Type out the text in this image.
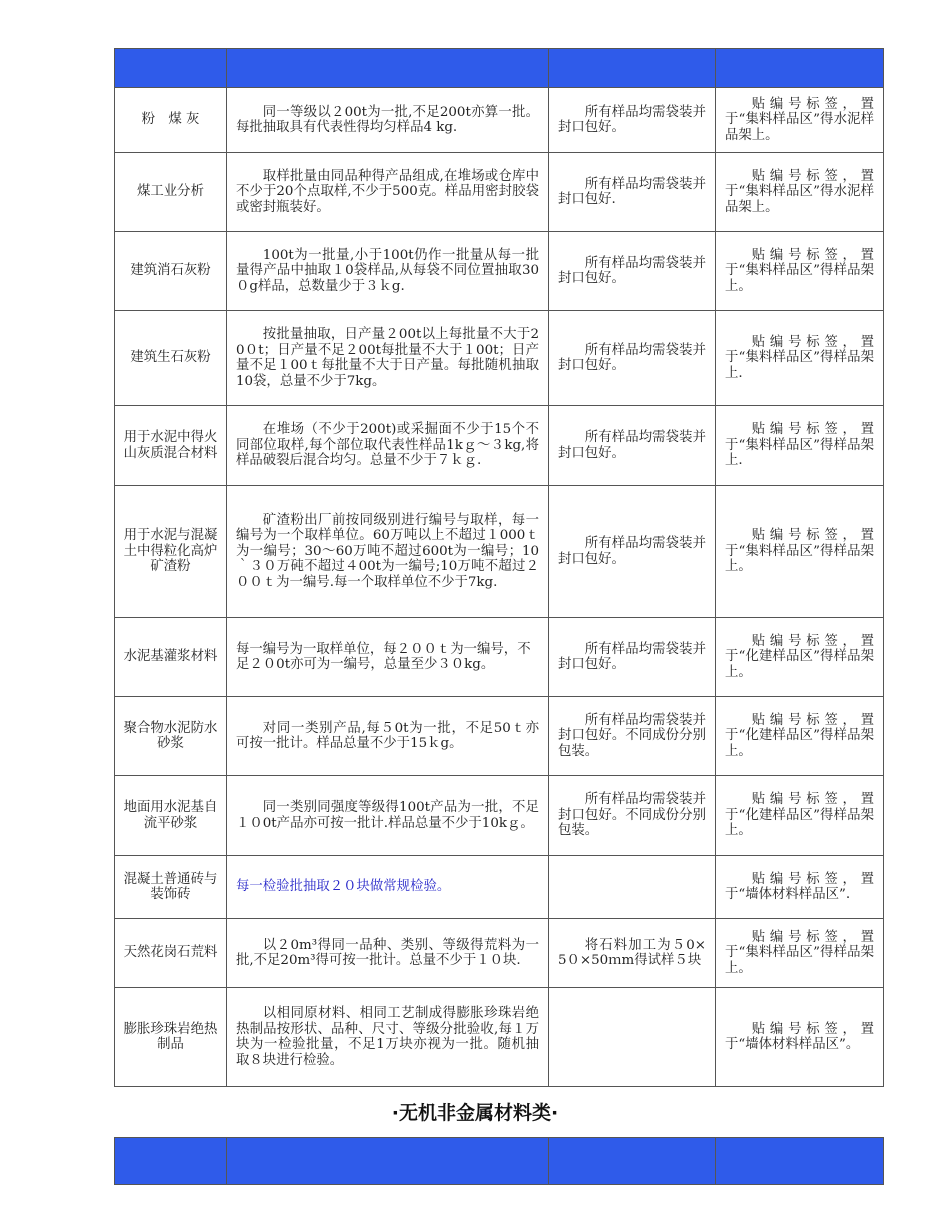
粉　煤 灰	同一等级以２00t为一批,不足200t亦算一批。每批抽取具有代表性得均匀样品4 kg.	所有样品均需袋装并封口包好。	贴编号标签，置于“集料样品区”得水泥样品架上。
煤工业分析	取样批量由同品种得产品组成,在堆场或仓库中不少于20个点取样,不少于500克。样品用密封胶袋或密封瓶装好。	所有样品均需袋装并封口包好.	贴编号标签，置于“集料样品区”得水泥样品架上。
建筑消石灰粉	100t为一批量,小于100t仍作一批量从每一批量得产品中抽取１0袋样品,从每袋不同位置抽取30０g样品，总数量少于３ｋg.	所有样品均需袋装并封口包好。	贴编号标签，置于“集料样品区”得样品架上。
建筑生石灰粉	按批量抽取，日产量２00t以上每批量不大于20０t；日产量不足２00t每批量不大于１00t；日产量不足１00ｔ每批量不大于日产量。每批随机抽取10袋，总量不少于7kg。	所有样品均需袋装并封口包好。	贴编号标签，置于“集料样品区”得样品架上.
用于水泥中得火山灰质混合材料	在堆场（不少于200t)或采掘面不少于15个不同部位取样,每个部位取代表性样品1kｇ～３kg,将样品破裂后混合均匀。总量不少于７ｋｇ.	所有样品均需袋装并封口包好。	贴编号标签，置于“集料样品区”得样品架上.
用于水泥与混凝土中得粒化高炉矿渣粉	矿渣粉出厂前按同级别进行编号与取样，每一编号为一个取样单位。60万吨以上不超过１000ｔ为一编号；30～60万吨不超过600t为一编号；10｀３０万砘不超过４00t为一编号;10万吨不超过２００ｔ为一编号.每一个取样单位不少于7kg.	所有样品均需袋装并封口包好。	贴编号标签，置于“集料样品区”得样品架上。
水泥基灌浆材料	每一编号为一取样单位，每２００ｔ为一编号，不足２０0t亦可为一编号，总量至少３０kg。	所有样品均需袋装并封口包好。	贴编号标签，置于“化建样品区”得样品架上。
聚合物水泥防水砂浆	对同一类别产品,每５0t为一批，不足50ｔ亦可按一批计。样品总量不少于15ｋg。	所有样品均需袋装并封口包好。不同成份分别包装。	贴编号标签，置于“化建样品区”得样品架上。
地面用水泥基自流平砂浆	同一类别同强度等级得100t产品为一批，不足１０0t产品亦可按一批计.样品总量不少于10kｇ。	所有样品均需袋装并封口包好。不同成份分别包装。	贴编号标签，置于“化建样品区”得样品架上。
混凝土普通砖与装饰砖	每一检验批抽取２０块做常规检验。		贴编号标签，置于“墙体材料样品区”.
天然花岗石荒料	以２0m³得同一品种、类别、等级得荒料为一批,不足20m³得可按一批计。总量不少于１０块.	将石料加工为５0×5０×50ｍm得试样５块	贴编号标签，置于“集料样品区”得样品架上。
膨胀珍珠岩绝热制品	以相同原材料、相同工艺制成得膨胀珍珠岩绝热制品按形状、品种、尺寸、等级分批验收,每１万块为一检验批量，不足1万块亦视为一批。随机抽取８块进行检验。		贴编号标签，置于“墙体材料样品区”。
·无机非金属材料类·
